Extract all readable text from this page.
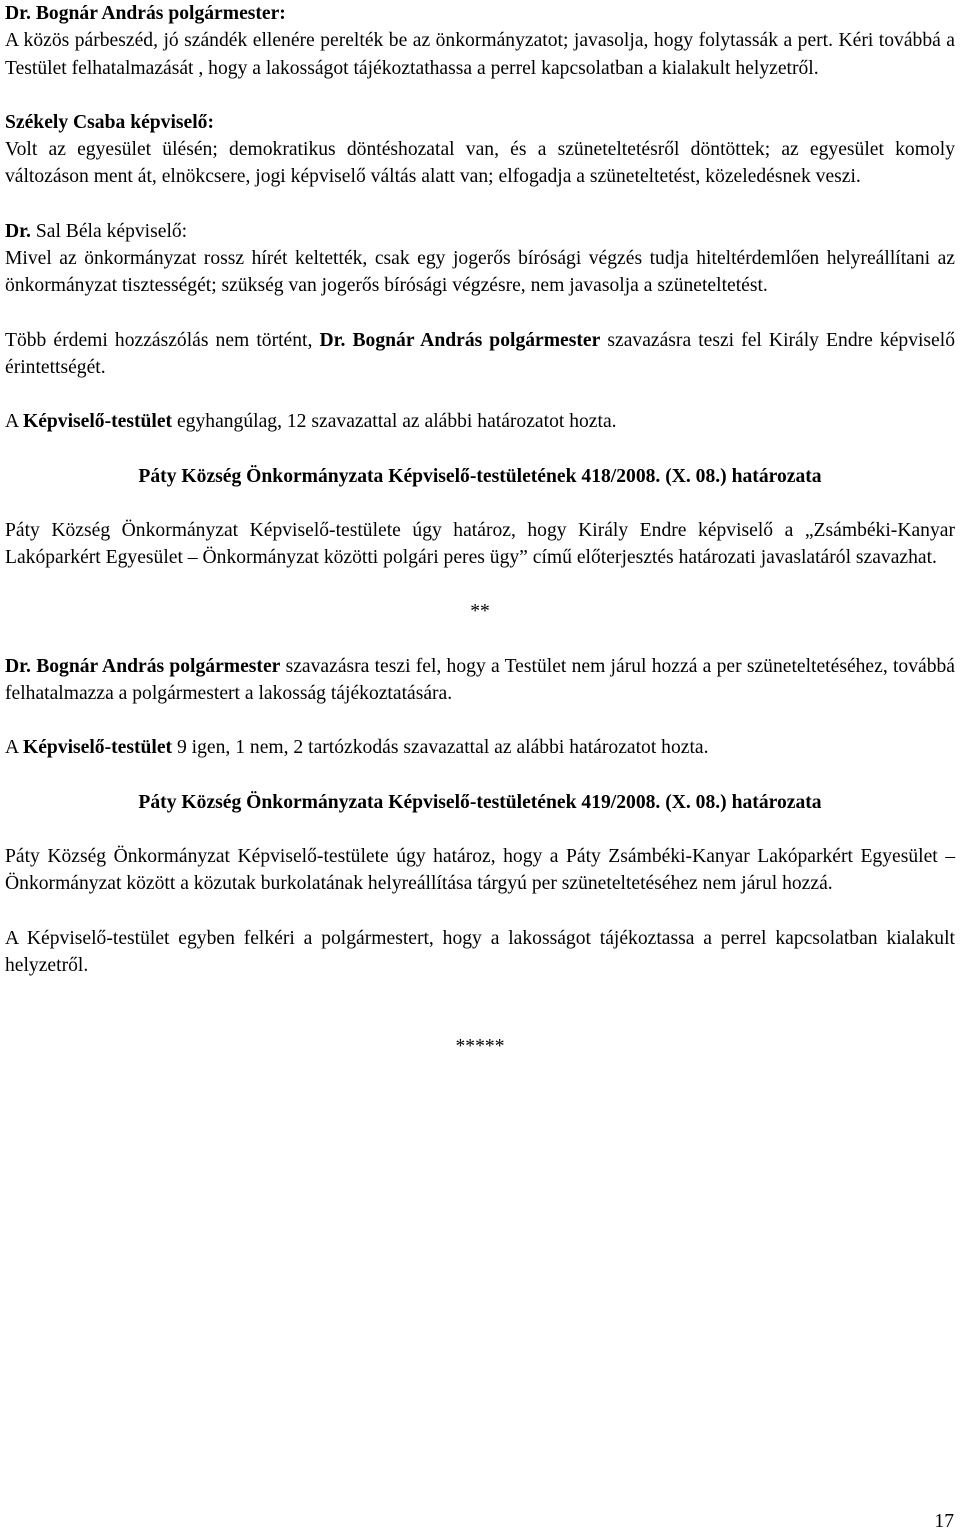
Dr. Bognár András polgármester:

A közös párbeszéd, jó szándék ellenére perelték be az önkormányzatot; javasolja, hogy folytassák a pert. Kéri továbbá a Testület felhatalmazását , hogy a lakosságot tájékoztathassa a perrel kapcsolatban a kialakult helyzetről.

Székely Csaba képviselő:

Volt az egyesület ülésén; demokratikus döntéshozatal van, és a szüneteltetésről döntöttek; az egyesület komoly változáson ment át, elnökcsere, jogi képviselő váltás alatt van; elfogadja a szüneteltetést, közeledésnek veszi.

Dr. Sal Béla képviselő:

Mivel az önkormányzat rossz hírét keltették, csak egy jogerős bírósági végzés tudja hiteltérdemlően helyreállítani az önkormányzat tisztességét; szükség van jogerős bírósági végzésre, nem javasolja a szüneteltetést.

Több érdemi hozzászólás nem történt, Dr. Bognár András polgármester szavazásra teszi fel Király Endre képviselő érintettségét.

A Képviselő-testület egyhangúlag, 12 szavazattal az alábbi határozatot hozta.

Páty Község Önkormányzata Képviselő-testületének 418/2008. (X. 08.) határozata

Páty Község Önkormányzat Képviselő-testülete úgy határoz, hogy Király Endre képviselő a „Zsámbéki-Kanyar Lakóparkért Egyesület – Önkormányzat közötti polgári peres ügy” című előterjesztés határozati javaslatáról szavazhat.

**

Dr. Bognár András polgármester szavazásra teszi fel, hogy a Testület nem járul hozzá a per szüneteltetéséhez, továbbá felhatalmazza a polgármestert a lakosság tájékoztatására.

A Képviselő-testület 9 igen, 1 nem, 2 tartózkodás szavazattal az alábbi határozatot hozta.

Páty Község Önkormányzata Képviselő-testületének 419/2008. (X. 08.) határozata

Páty Község Önkormányzat Képviselő-testülete úgy határoz, hogy a Páty Zsámbéki-Kanyar Lakóparkért Egyesület – Önkormányzat között a közutak burkolatának helyreállítása tárgyú per szüneteltetéséhez nem járul hozzá.

A Képviselő-testület egyben felkéri a polgármestert, hogy a lakosságot tájékoztassa a perrel kapcsolatban kialakult helyzetről.

*****

17
